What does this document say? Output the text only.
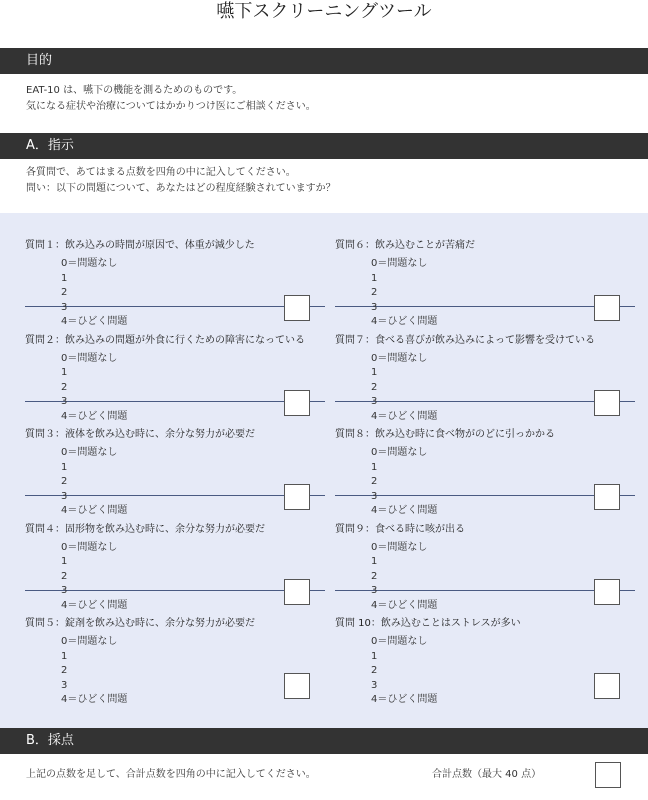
嚥下スクリーニングツール
目的
EAT-10 は、嚥下の機能を測るためのものです。
気になる症状や治療についてはかかりつけ医にご相談ください。
A．指示
各質問で、あてはまる点数を四角の中に記入してください。
問い：以下の問題について、あなたはどの程度経験されていますか？
質問１：飲み込みの時間が原因で、体重が減少した
0＝問題なし
1
2
3
4＝ひどく問題
質問２：飲み込みの問題が外食に行くための障害になっている
0＝問題なし
1
2
3
4＝ひどく問題
質問３：液体を飲み込む時に、余分な努力が必要だ
0＝問題なし
1
2
3
4＝ひどく問題
質問４：固形物を飲み込む時に、余分な努力が必要だ
0＝問題なし
1
2
3
4＝ひどく問題
質問５：錠剤を飲み込む時に、余分な努力が必要だ
0＝問題なし
1
2
3
4＝ひどく問題
質問６：飲み込むことが苦痛だ
0＝問題なし
1
2
3
4＝ひどく問題
質問７：食べる喜びが飲み込みによって影響を受けている
0＝問題なし
1
2
3
4＝ひどく問題
質問８：飲み込む時に食べ物がのどに引っかかる
0＝問題なし
1
2
3
4＝ひどく問題
質問９：食べる時に咳が出る
0＝問題なし
1
2
3
4＝ひどく問題
質問 10：飲み込むことはストレスが多い
0＝問題なし
1
2
3
4＝ひどく問題
B．採点
上記の点数を足して、合計点数を四角の中に記入してください。	合計点数（最大 40 点）
